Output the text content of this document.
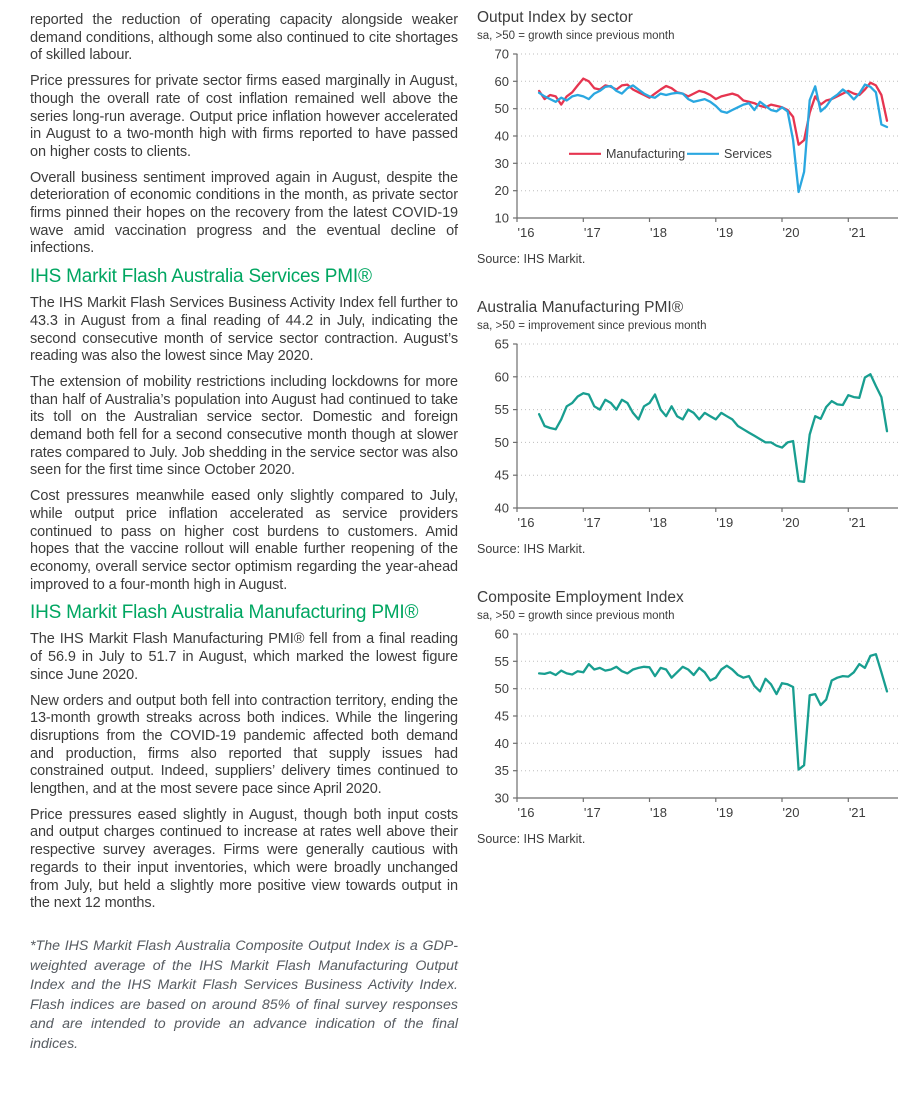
reported the reduction of operating capacity alongside weaker demand conditions, although some also continued to cite shortages of skilled labour.

Price pressures for private sector firms eased marginally in August, though the overall rate of cost inflation remained well above the series long-run average. Output price inflation however accelerated in August to a two-month high with firms reported to have passed on higher costs to clients.

Overall business sentiment improved again in August, despite the deterioration of economic conditions in the month, as private sector firms pinned their hopes on the recovery from the latest COVID-19 wave amid vaccination progress and the eventual decline of infections.

IHS Markit Flash Australia Services PMI®

The IHS Markit Flash Services Business Activity Index fell further to 43.3 in August from a final reading of 44.2 in July, indicating the second consecutive month of service sector contraction. August’s reading was also the lowest since May 2020.

The extension of mobility restrictions including lockdowns for more than half of Australia’s population into August had continued to take its toll on the Australian service sector. Domestic and foreign demand both fell for a second consecutive month though at slower rates compared to July. Job shedding in the service sector was also seen for the first time since October 2020.

Cost pressures meanwhile eased only slightly compared to July, while output price inflation accelerated as service providers continued to pass on higher cost burdens to customers. Amid hopes that the vaccine rollout will enable further reopening of the economy, overall service sector optimism regarding the year-ahead improved to a four-month high in August.

IHS Markit Flash Australia Manufacturing PMI®

The IHS Markit Flash Manufacturing PMI® fell from a final reading of 56.9 in July to 51.7 in August, which marked the lowest figure since June 2020.

New orders and output both fell into contraction territory, ending the 13-month growth streaks across both indices. While the lingering disruptions from the COVID-19 pandemic affected both demand and production, firms also reported that supply issues had constrained output. Indeed, suppliers’ delivery times continued to lengthen, and at the most severe pace since April 2020.

Price pressures eased slightly in August, though both input costs and output charges continued to increase at rates well above their respective survey averages. Firms were generally cautious with regards to their input inventories, which were broadly unchanged from July, but held a slightly more positive view towards output in the next 12 months.

*The IHS Markit Flash Australia Composite Output Index is a GDP-weighted average of the IHS Markit Flash Manufacturing Output Index and the IHS Markit Flash Services Business Activity Index. Flash indices are based on around 85% of final survey responses and are intended to provide an advance indication of the final indices.

Output Index by sector
sa, >50 = growth since previous month
70
60
50
40
30
20
10
'16	'17	'18	'19	'20	'21
Manufacturing	Services
Source: IHS Markit.
Australia Manufacturing PMI®
sa, >50 = improvement since previous month
65
60
55
50
45
40
'16	'17	'18	'19	'20	'21
Source: IHS Markit.
Composite Employment Index
sa, >50 = growth since previous month
60
55
50
45
40
35
30
'16	'17	'18	'19	'20	'21
Source: IHS Markit.
